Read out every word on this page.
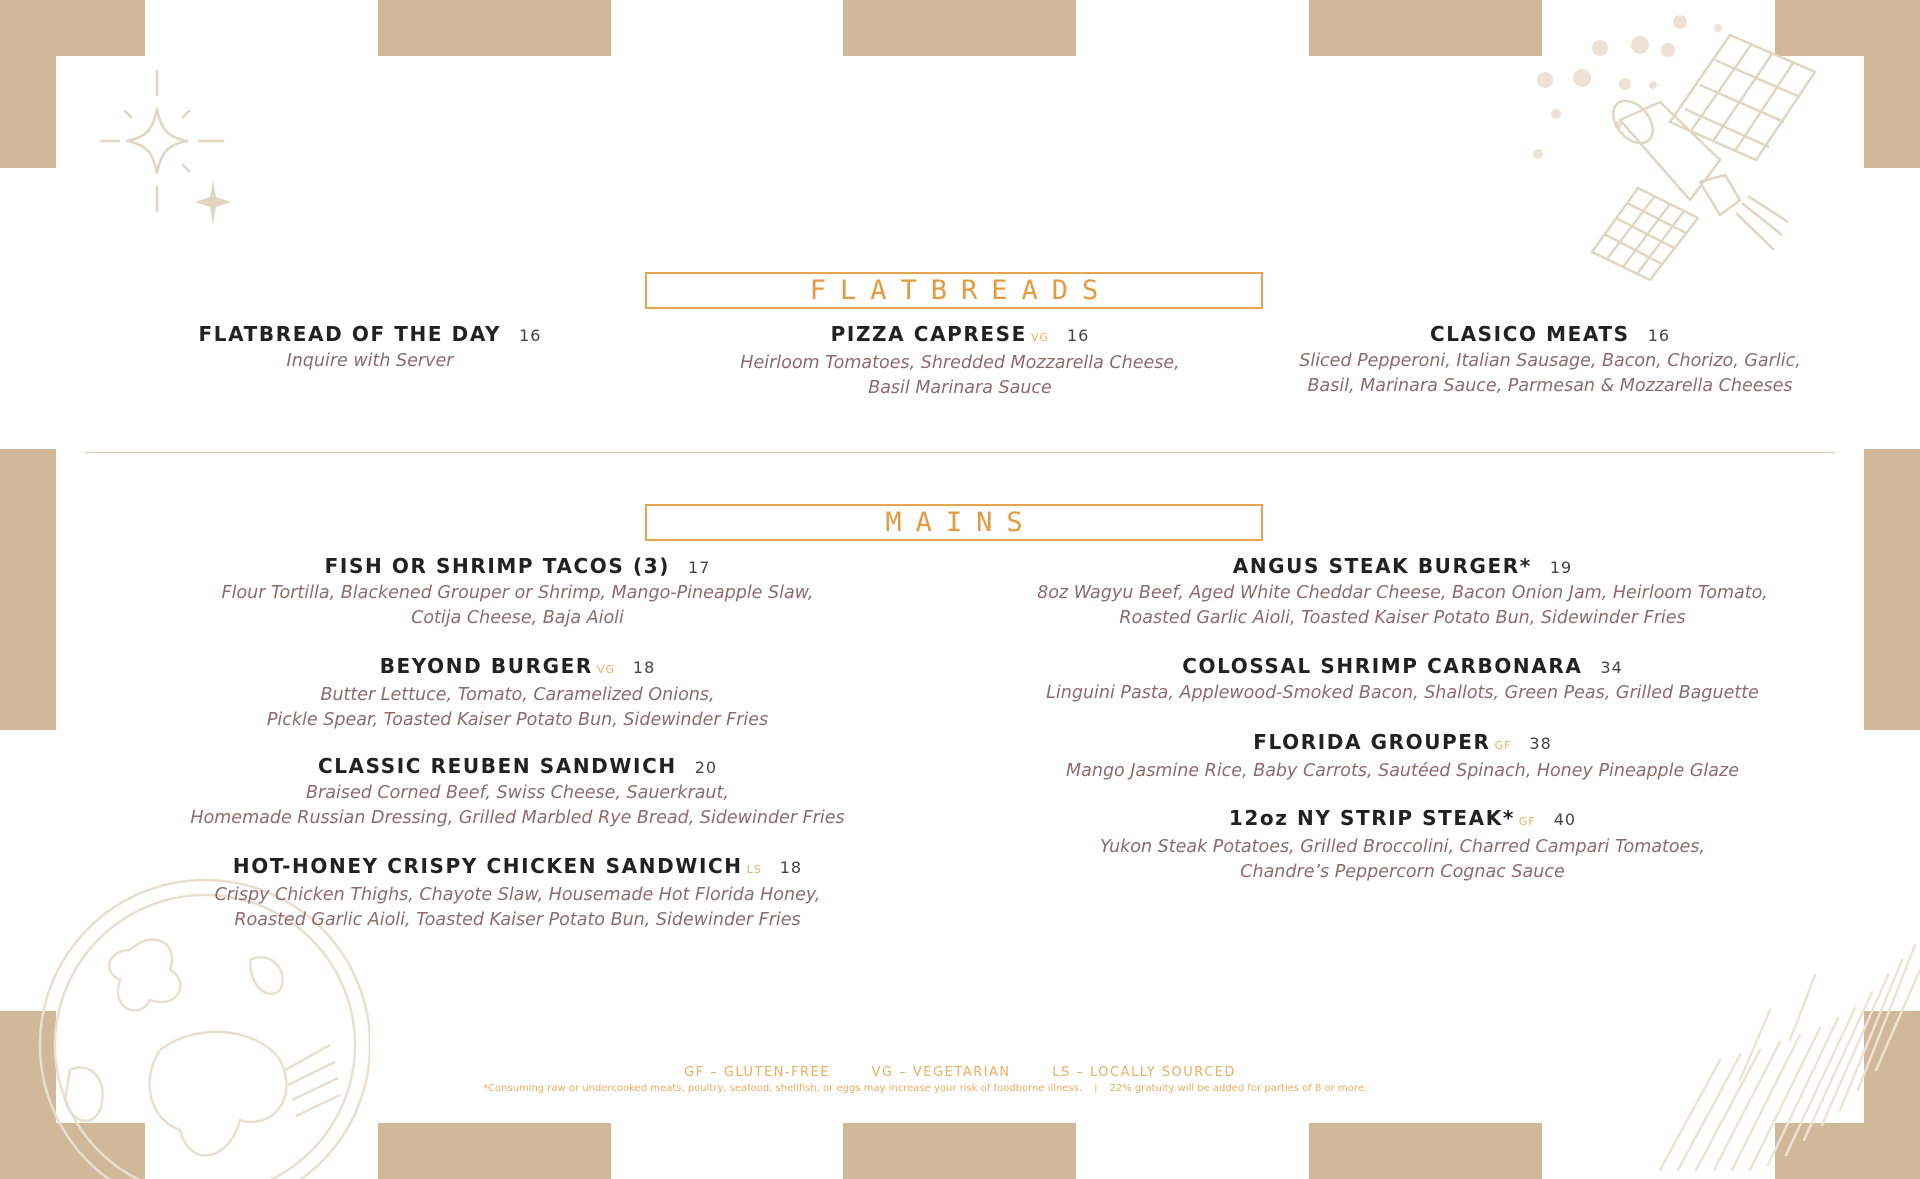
FLATBREADS
FLATBREAD OF THE DAY 16
Inquire with Server
PIZZA CAPRESE VG 16
Heirloom Tomatoes, Shredded Mozzarella Cheese,
Basil Marinara Sauce
CLASICO MEATS 16
Sliced Pepperoni, Italian Sausage, Bacon, Chorizo, Garlic,
Basil, Marinara Sauce, Parmesan & Mozzarella Cheeses
MAINS
FISH OR SHRIMP TACOS (3) 17
Flour Tortilla, Blackened Grouper or Shrimp, Mango-Pineapple Slaw,
Cotija Cheese, Baja Aioli
BEYOND BURGER VG 18
Butter Lettuce, Tomato, Caramelized Onions,
Pickle Spear, Toasted Kaiser Potato Bun, Sidewinder Fries
CLASSIC REUBEN SANDWICH 20
Braised Corned Beef, Swiss Cheese, Sauerkraut,
Homemade Russian Dressing, Grilled Marbled Rye Bread, Sidewinder Fries
HOT-HONEY CRISPY CHICKEN SANDWICH LS 18
Crispy Chicken Thighs, Chayote Slaw, Housemade Hot Florida Honey,
Roasted Garlic Aioli, Toasted Kaiser Potato Bun, Sidewinder Fries
ANGUS STEAK BURGER* 19
8oz Wagyu Beef, Aged White Cheddar Cheese, Bacon Onion Jam, Heirloom Tomato,
Roasted Garlic Aioli, Toasted Kaiser Potato Bun, Sidewinder Fries
COLOSSAL SHRIMP CARBONARA 34
Linguini Pasta, Applewood-Smoked Bacon, Shallots, Green Peas, Grilled Baguette
FLORIDA GROUPER GF 38
Mango Jasmine Rice, Baby Carrots, Sautéed Spinach, Honey Pineapple Glaze
12oz NY STRIP STEAK* GF 40
Yukon Steak Potatoes, Grilled Broccolini, Charred Campari Tomatoes,
Chandre’s Peppercorn Cognac Sauce
GF – GLUTEN-FREE	VG – VEGETARIAN	LS – LOCALLY SOURCED
*Consuming raw or undercooked meats, poultry, seafood, shellfish, or eggs may increase your risk of foodborne illness. | 22% gratuity will be added for parties of 8 or more.
